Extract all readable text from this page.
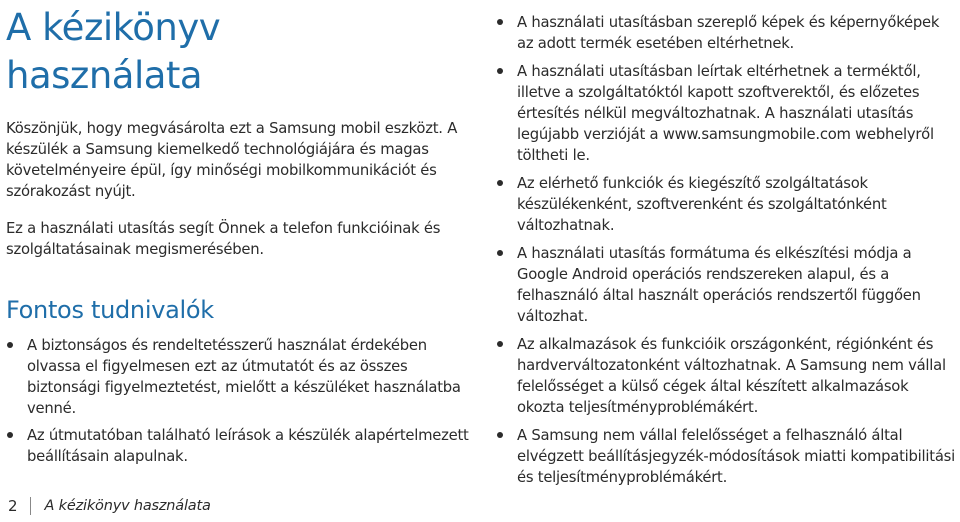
A kézikönyv
használata

Köszönjük, hogy megvásárolta ezt a Samsung mobil eszközt. A készülék a Samsung kiemelkedő technológiájára és magas követelményeire épül, így minőségi mobilkommunikációt és szórakozást nyújt.

Ez a használati utasítás segít Önnek a telefon funkcióinak és szolgáltatásainak megismerésében.

Fontos tudnivalók
A biztonságos és rendeltetésszerű használat érdekében olvassa el figyelmesen ezt az útmutatót és az összes biztonsági figyelmeztetést, mielőtt a készüléket használatba venné.
Az útmutatóban található leírások a készülék alapértelmezett beállításain alapulnak.
A használati utasításban szereplő képek és képernyőképek az adott termék esetében eltérhetnek.
A használati utasításban leírtak eltérhetnek a terméktől, illetve a szolgáltatóktól kapott szoftverektől, és előzetes értesítés nélkül megváltozhatnak. A használati utasítás legújabb verzióját a www.samsungmobile.com webhelyről töltheti le.
Az elérhető funkciók és kiegészítő szolgáltatások készülékenként, szoftverenként és szolgáltatónként változhatnak.
A használati utasítás formátuma és elkészítési módja a Google Android operációs rendszereken alapul, és a felhasználó által használt operációs rendszertől függően változhat.
Az alkalmazások és funkcióik országonként, régiónként és hardverváltozatonként változhatnak. A Samsung nem vállal felelősséget a külső cégek által készített alkalmazások okozta teljesítményproblémákért.
A Samsung nem vállal felelősséget a felhasználó által elvégzett beállításjegyzék-módosítások miatti kompatibilitási és teljesítményproblémákért.
2	A kézikönyv használata
